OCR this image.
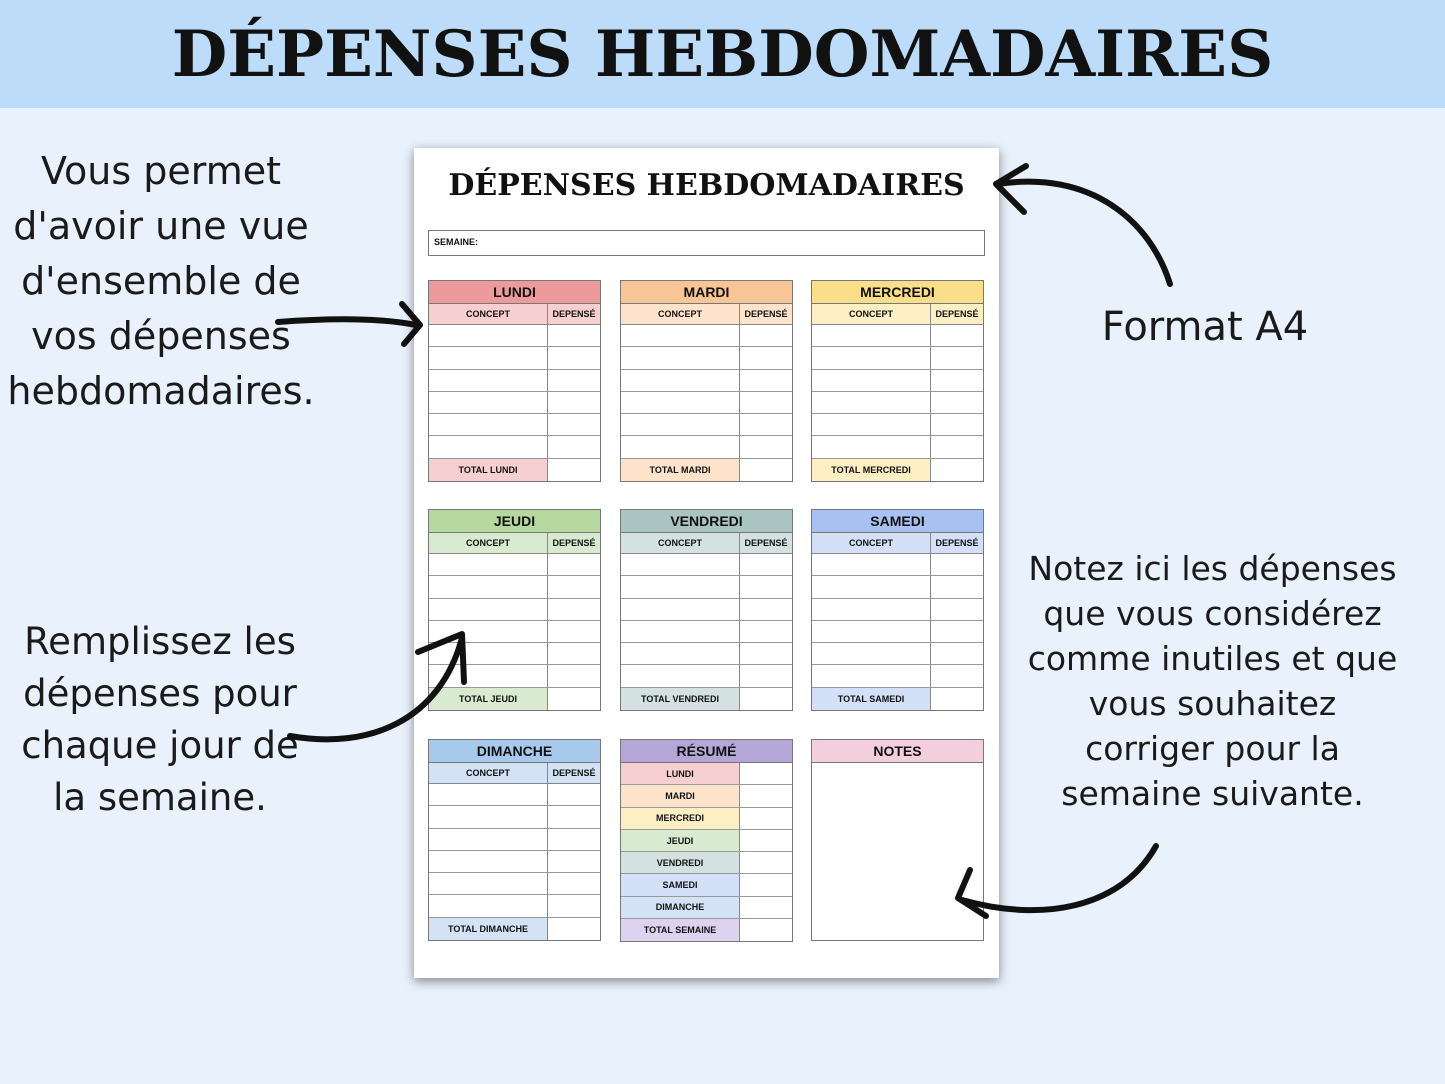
DÉPENSES HEBDOMADAIRES
Vous permet
d'avoir une vue
d'ensemble de
vos dépenses
hebdomadaires.
Remplissez les
dépenses pour
chaque jour de
la semaine.
Format A4
Notez ici les dépenses
que vous considérez
comme inutiles et que
vous souhaitez
corriger pour la
semaine suivante.
DÉPENSES HEBDOMADAIRES
SEMAINE:
LUNDI
CONCEPT	DEPENSÉ
TOTAL LUNDI
MARDI
CONCEPT	DEPENSÉ
TOTAL MARDI
MERCREDI
CONCEPT	DEPENSÉ
TOTAL MERCREDI
JEUDI
CONCEPT	DEPENSÉ
TOTAL JEUDI
VENDREDI
CONCEPT	DEPENSÉ
TOTAL VENDREDI
SAMEDI
CONCEPT	DEPENSÉ
TOTAL SAMEDI
DIMANCHE
CONCEPT	DEPENSÉ
TOTAL DIMANCHE
RÉSUMÉ
LUNDI
MARDI
MERCREDI
JEUDI
VENDREDI
SAMEDI
DIMANCHE
TOTAL SEMAINE
NOTES
